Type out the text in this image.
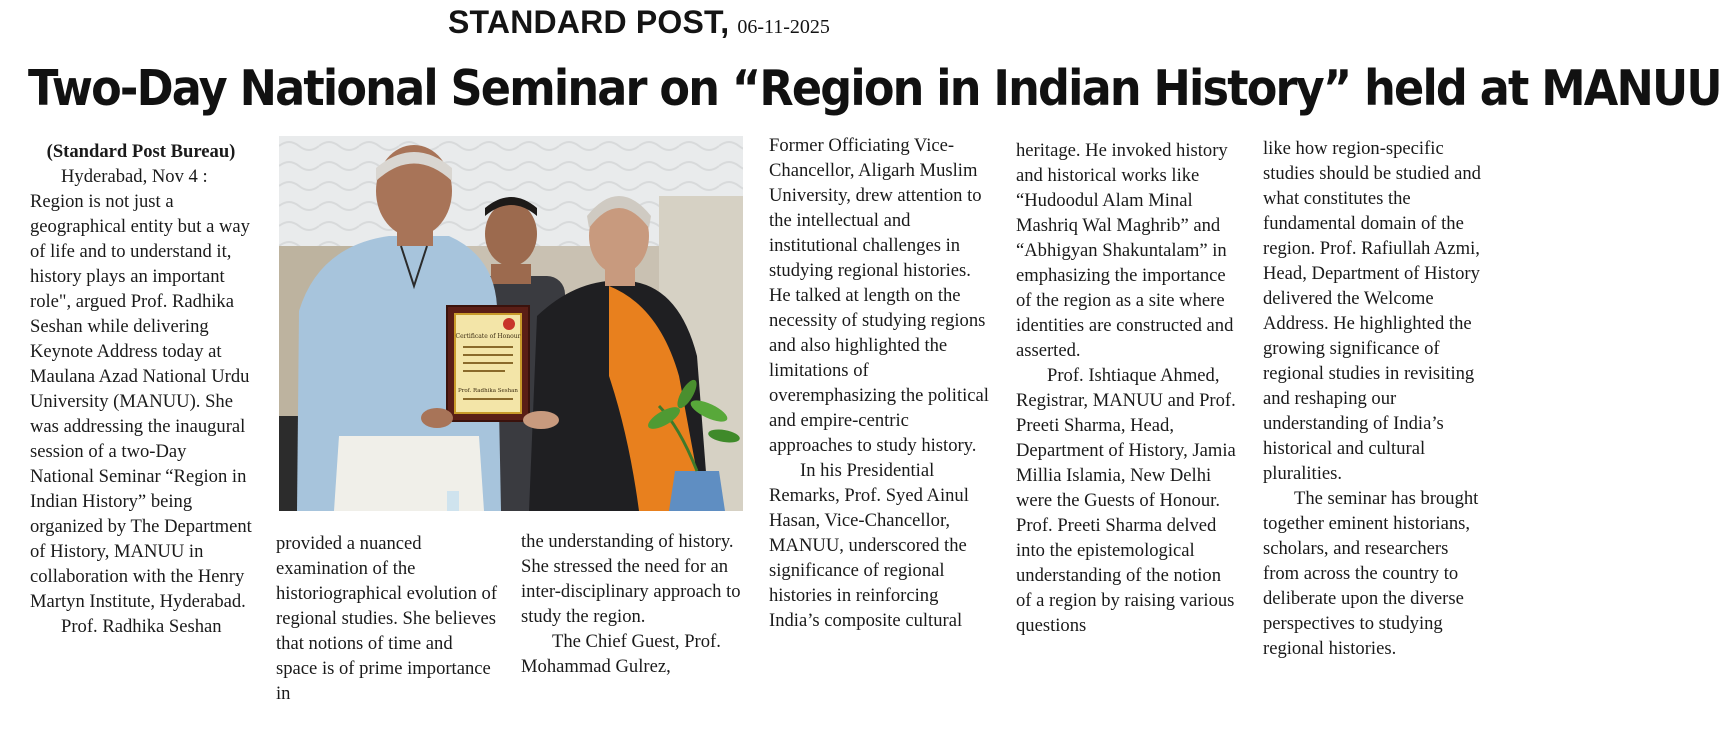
STANDARD POST, 06-11-2025
Two-Day National Seminar on “Region in Indian History” held at MANUU

(Standard Post Bureau)

Hyderabad, Nov 4 :

Region is not just a geographical entity but a way of life and to understand it, history plays an important role", argued Prof. Radhika Seshan while delivering Keynote Address today at Maulana Azad National Urdu University (MANUU). She was addressing the inaugural session of a two-Day National Seminar “Region in Indian History” being organized by The Department of History, MANUU in collaboration with the Henry Martyn Institute, Hyderabad.

Prof. Radhika Seshan

Certificate of Honour
Prof. Radhika Seshan

provided a nuanced examination of the historiographical evolution of regional studies. She believes that notions of time and space is of prime importance in

the understanding of history. She stressed the need for an inter-disciplinary approach to study the region.

The Chief Guest, Prof. Mohammad Gulrez,

Former Officiating Vice-Chancellor, Aligarh Muslim University, drew attention to the intellectual and institutional challenges in studying regional histories. He talked at length on the necessity of studying regions and also highlighted the limitations of overemphasizing the political and empire-centric approaches to study history.

In his Presidential Remarks, Prof. Syed Ainul Hasan, Vice-Chancellor, MANUU, underscored the significance of regional histories in reinforcing India’s composite cultural

heritage. He invoked history and historical works like “Hudoodul Alam Minal Mashriq Wal Maghrib” and “Abhigyan Shakuntalam” in emphasizing the importance of the region as a site where identities are constructed and asserted.

Prof. Ishtiaque Ahmed, Registrar, MANUU and Prof. Preeti Sharma, Head, Department of History, Jamia Millia Islamia, New Delhi were the Guests of Honour. Prof. Preeti Sharma delved into the epistemological understanding of the notion of a region by raising various questions

like how region-specific studies should be studied and what constitutes the fundamental domain of the region. Prof. Rafiullah Azmi, Head, Department of History delivered the Welcome Address. He highlighted the growing significance of regional studies in revisiting and reshaping our understanding of India’s historical and cultural pluralities.

The seminar has brought together eminent historians, scholars, and researchers from across the country to deliberate upon the diverse perspectives to studying regional histories.
